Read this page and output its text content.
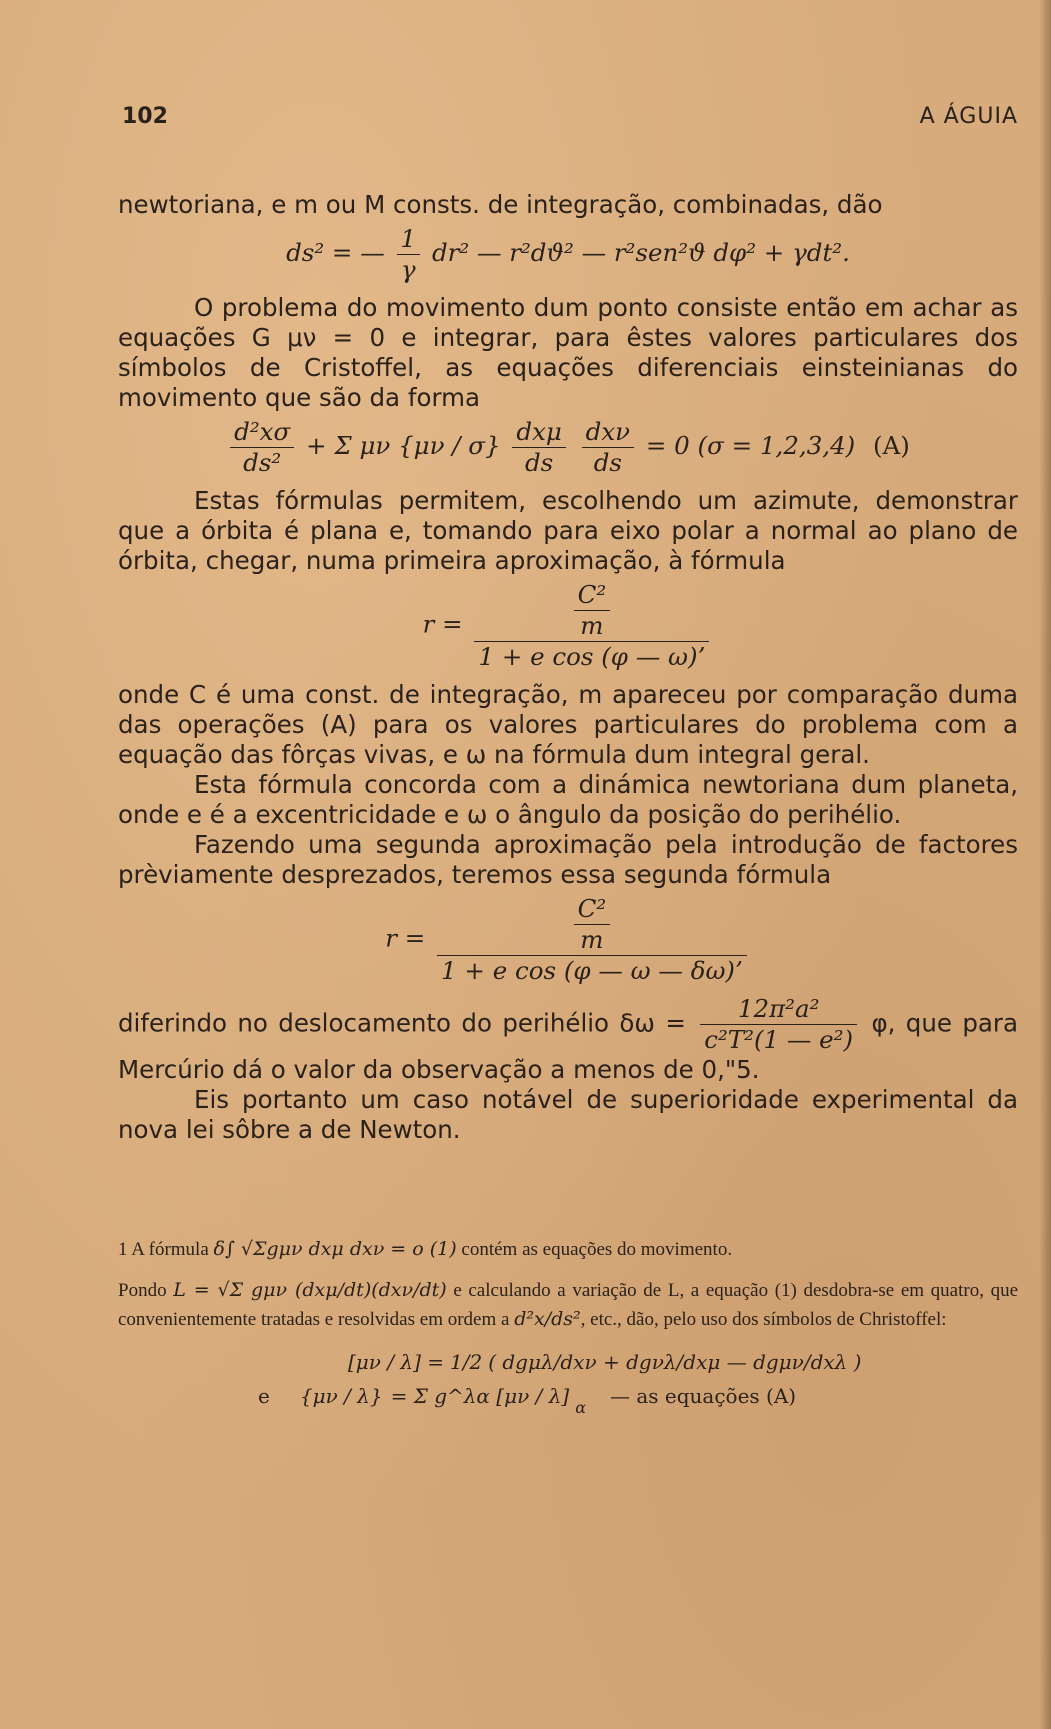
102	A ÁGUIA

newtoriana, e m ou M consts. de integração, combinadas, dão

ds² = — $\frac{1}{\gamma} dr^2$ — r²dϑ² — r²sen²ϑ dφ² + γdt².

O problema do movimento dum ponto consiste então em achar as equações G μν = 0 e integrar, para êstes valores particulares dos símbolos de Cristoffel, as equações diferenciais einsteinianas do movimento que são da forma

$\frac{\text{d²xσ}}{\text{ds²}} + \Sigma$ μν $\{\mu\nu / \sigma\} \frac{\text{dxμ}}{ds}$
$\frac{\text{dxν}}{ds} = 0$ (σ = 1,2,3,4) (A)

Estas fórmulas permitem, escolhendo um azimute, demonstrar que a órbita é plana e, tomando para eixo polar a normal ao plano de órbita, chegar, numa primeira aproximação, à fórmula

$r = \frac{\frac{\text{C²}}{m}}{\text{1 + e cos (φ — ω)’}}$

onde C é uma const. de integração, m apareceu por comparação duma das operações (A) para os valores particulares do problema com a equação das fôrças vivas, e ω na fórmula dum integral geral.

Esta fórmula concorda com a dinámica newtoriana dum planeta, onde e é a excentricidade e ω o ângulo da posição do perihélio.

Fazendo uma segunda aproximação pela introdução de factores prèviamente desprezados, teremos essa segunda fórmula

$r = \frac{\frac{\text{C²}}{m}}{\text{1 + e cos (φ — ω — δω)’}}$

diferindo no deslocamento do perihélio $\delta\omega = \frac{\text{12π²a²}}{\text{c²T²(1 — e²)}} \varphi$, que para Mercúrio dá o valor da observação a menos de 0,"5.

Eis portanto um caso notável de superioridade experimental da nova lei sôbre a de Newton.

1 A fórmula δ∫ √Σgμν dxμ dxν = o (1) contém as equações do movimento.

Pondo L = √Σ gμν (dxμ/dt)(dxν/dt) e calculando a variação de L, a equação (1) desdobra-se em quatro, que convenientemente tratadas e resolvidas em ordem a d²x/ds², etc., dão, pelo uso dos símbolos de Christoffel:

[μν / λ] = 1/2 ( dgμλ/dxν + dgνλ/dxμ — dgμν/dxλ )
e {μν / λ} = Σ g^λα [μν / λ] α — as equações (A)
